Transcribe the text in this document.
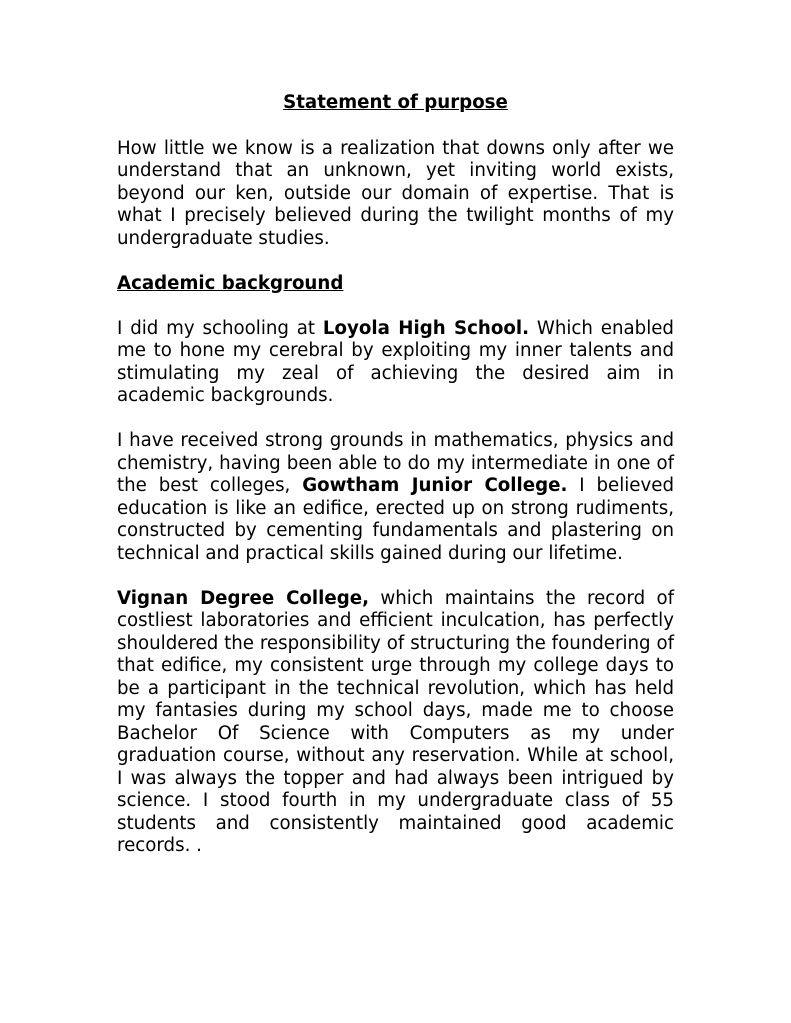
Statement of purpose
How little we know is a realization that downs only after we understand that an unknown, yet inviting world exists, beyond our ken, outside our domain of expertise. That is what I precisely believed during the twilight months of my undergraduate studies.
Academic background
I did my schooling at Loyola High School. Which enabled me to hone my cerebral by exploiting my inner talents and stimulating my zeal of achieving the desired aim in academic backgrounds.
I have received strong grounds in mathematics, physics and chemistry, having been able to do my intermediate in one of the best colleges, Gowtham Junior College. I believed education is like an edifice, erected up on strong rudiments, constructed by cementing fundamentals and plastering on technical and practical skills gained during our lifetime.
Vignan Degree College, which maintains the record of costliest laboratories and efficient inculcation, has perfectly shouldered the responsibility of structuring the foundering of that edifice, my consistent urge through my college days to be a participant in the technical revolution, which has held my fantasies during my school days, made me to choose Bachelor Of Science with Computers as my under graduation course, without any reservation. While at school, I was always the topper and had always been intrigued by science. I stood fourth in my undergraduate class of 55 students and consistently maintained good academic records. .
